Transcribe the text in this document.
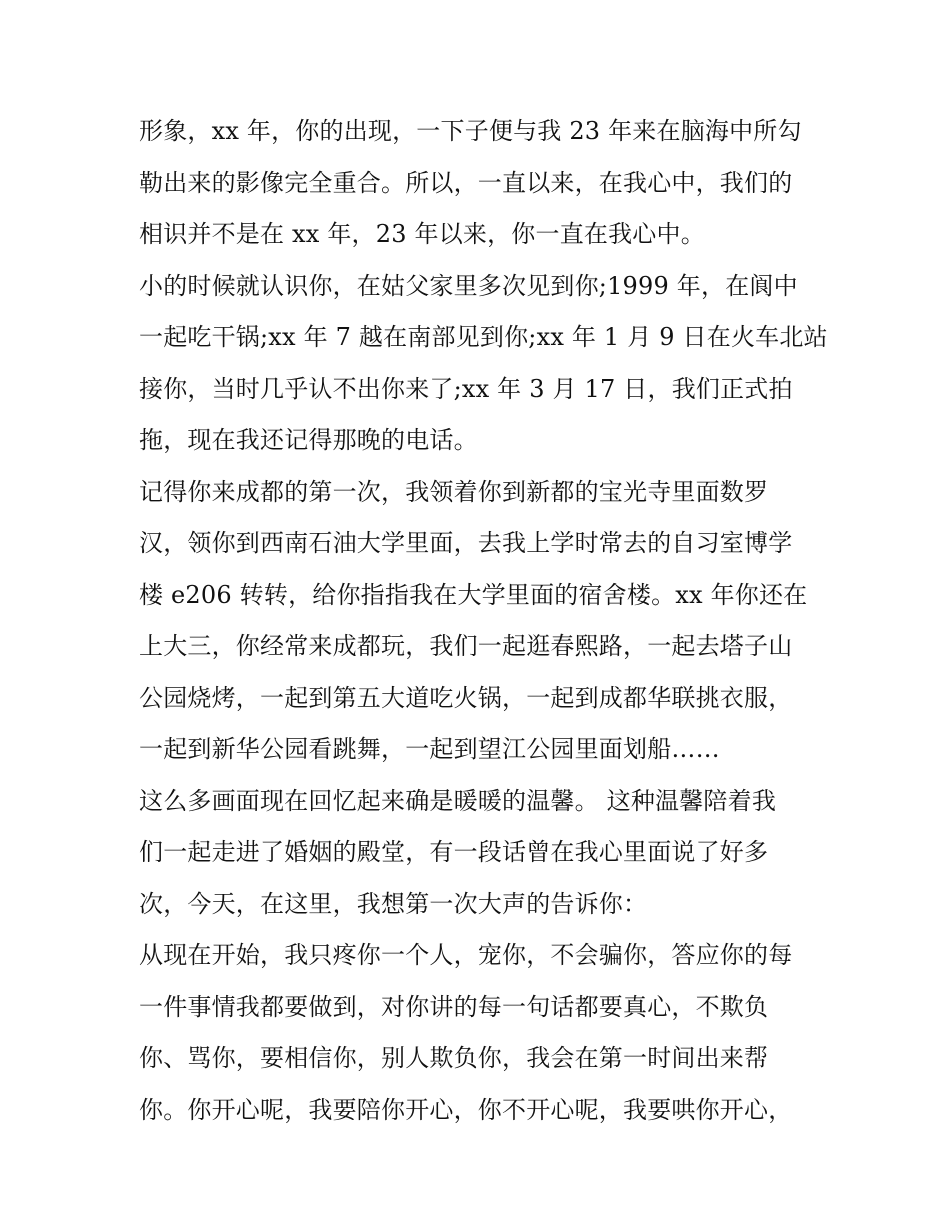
形象，xx 年，你的出现，一下子便与我 23 年来在脑海中所勾
勒出来的影像完全重合。所以，一直以来，在我心中，我们的
相识并不是在 xx 年，23 年以来，你一直在我心中。
小的时候就认识你，在姑父家里多次见到你;1999 年，在阆中
一起吃干锅;xx 年 7 越在南部见到你;xx 年 1 月 9 日在火车北站
接你，当时几乎认不出你来了;xx 年 3 月 17 日，我们正式拍
拖，现在我还记得那晚的电话。
记得你来成都的第一次，我领着你到新都的宝光寺里面数罗
汉，领你到西南石油大学里面，去我上学时常去的自习室博学
楼 e206 转转，给你指指我在大学里面的宿舍楼。xx 年你还在
上大三，你经常来成都玩，我们一起逛春熙路，一起去塔子山
公园烧烤，一起到第五大道吃火锅，一起到成都华联挑衣服，
一起到新华公园看跳舞，一起到望江公园里面划船……
这么多画面现在回忆起来确是暖暖的温馨。 这种温馨陪着我
们一起走进了婚姻的殿堂，有一段话曾在我心里面说了好多
次，今天，在这里，我想第一次大声的告诉你：
从现在开始，我只疼你一个人，宠你，不会骗你，答应你的每
一件事情我都要做到，对你讲的每一句话都要真心，不欺负
你、骂你，要相信你，别人欺负你，我会在第一时间出来帮
你。你开心呢，我要陪你开心，你不开心呢，我要哄你开心，
